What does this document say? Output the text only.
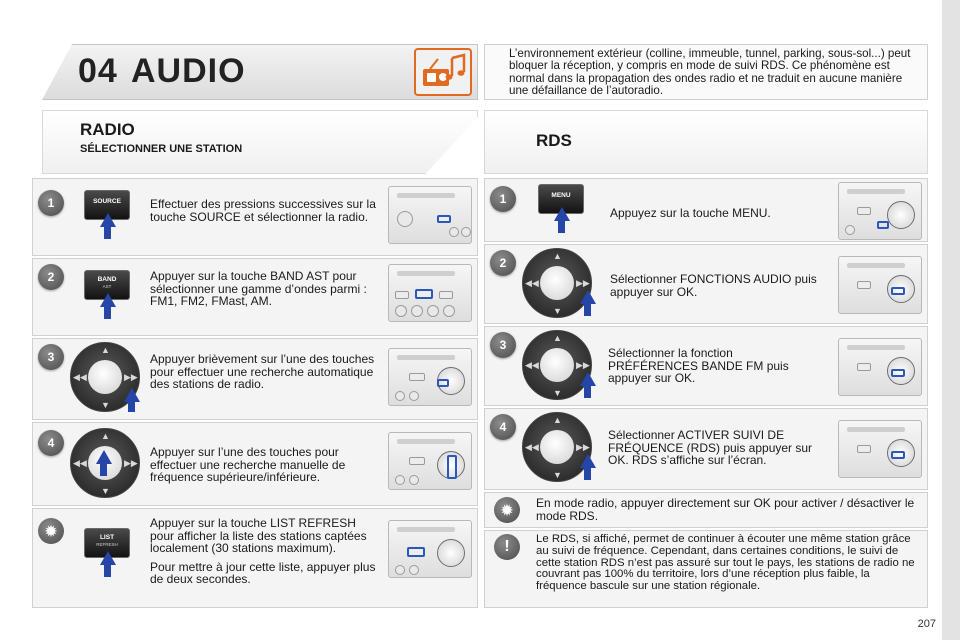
04 AUDIO	L’environnement extérieur (colline, immeuble, tunnel, parking, sous-sol...) peut bloquer la réception, y compris en mode de suivi RDS. Ce phénomène est normal dans la propagation des ondes radio et ne traduit en aucune manière une défaillance de l’autoradio.
RADIO
SÉLECTIONNER UNE STATION	RDS
1	SOURCE	Effectuer des pressions successives sur la touche SOURCE et sélectionner la radio.
2	BAND
AST
Appuyer sur la touche BAND AST pour sélectionner une gamme d’ondes parmi : FM1, FM2, FMast, AM.
3	▲
▼
◀◀	▶▶
Appuyer brièvement sur l’une des touches pour effectuer une recherche automatique des stations de radio.
4	▲
▼
◀◀	▶▶
Appuyer sur l’une des touches pour effectuer une recherche manuelle de fréquence supérieure/inférieure.
✹	LIST
REFRESH

Appuyer sur la touche LIST REFRESH pour afficher la liste des stations captées localement (30 stations maximum).

Pour mettre à jour cette liste, appuyer plus de deux secondes.

1	MENU
Appuyez sur la touche MENU.
2	▲
▼
◀◀	▶▶ Sélectionner FONCTIONS AUDIO puis appuyer sur OK.
3	▲
▼
◀◀	▶▶
Sélectionner la fonction PRÉFÉRENCES BANDE FM puis appuyer sur OK.
4	▲
▼
◀◀	▶▶
Sélectionner ACTIVER SUIVI DE FRÉQUENCE (RDS) puis appuyer sur OK. RDS s’affiche sur l’écran.
✹	En mode radio, appuyer directement sur OK pour activer / désactiver le mode RDS.
!	Le RDS, si affiché, permet de continuer à écouter une même station grâce au suivi de fréquence. Cependant, dans certaines conditions, le suivi de cette station RDS n’est pas assuré sur tout le pays, les stations de radio ne couvrant pas 100% du territoire, lors d’une réception plus faible, la fréquence bascule sur une station régionale.
207
